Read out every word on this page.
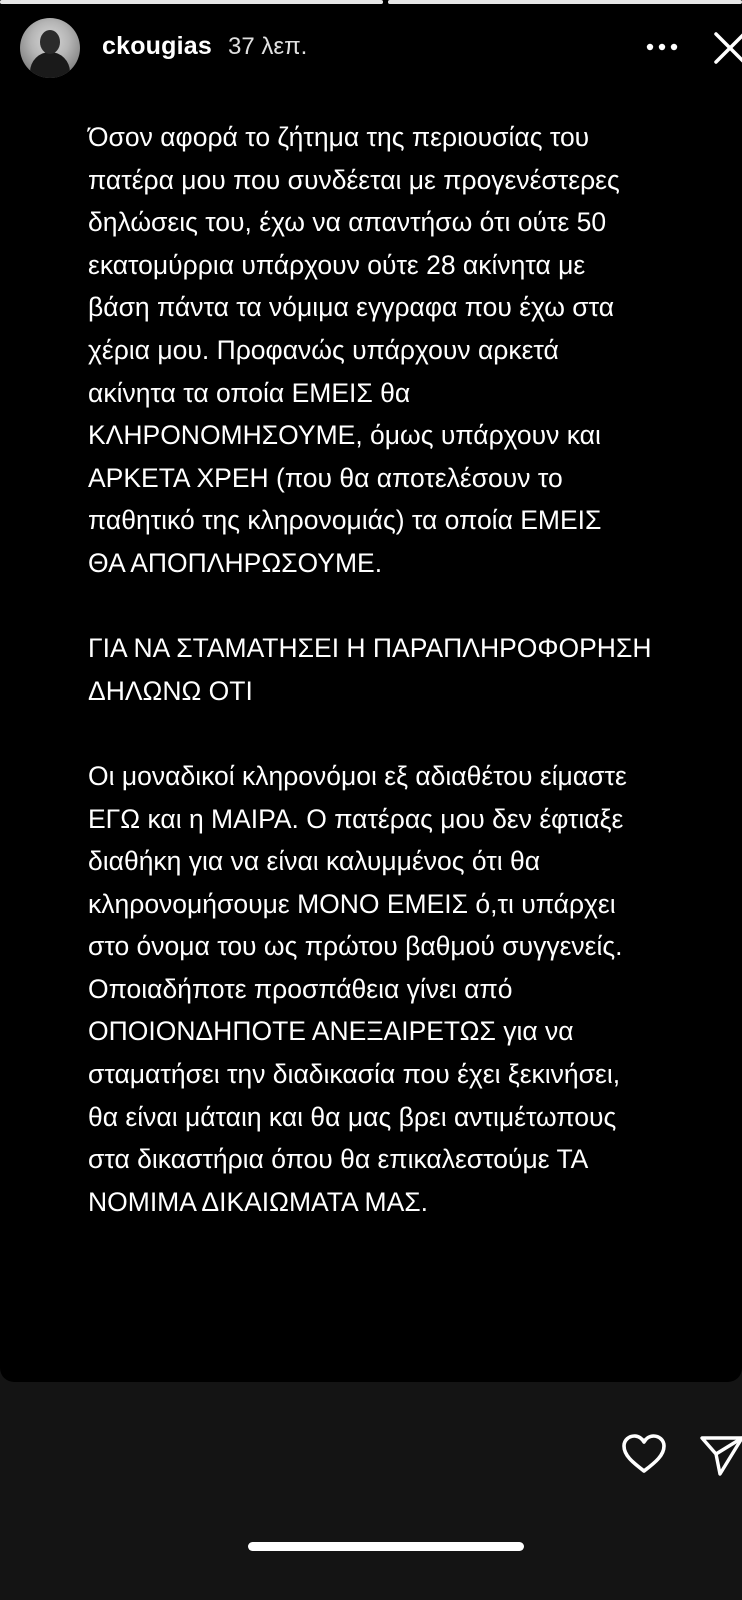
ckougias 37 λεπ.

Όσον αφορά το ζήτημα της περιουσίας του
πατέρα μου που συνδέεται με προγενέστερες
δηλώσεις του, έχω να απαντήσω ότι ούτε 50
εκατομύρρια υπάρχουν ούτε 28 ακίνητα με
βάση πάντα τα νόμιμα εγγραφα που έχω στα
χέρια μου. Προφανώς υπάρχουν αρκετά
ακίνητα τα οποία ΕΜΕΙΣ θα
ΚΛΗΡΟΝΟΜΗΣΟΥΜΕ, όμως υπάρχουν και
ΑΡΚΕΤΑ ΧΡΕΗ (που θα αποτελέσουν το
παθητικό της κληρονομιάς) τα οποία ΕΜΕΙΣ
ΘΑ ΑΠΟΠΛΗΡΩΣΟΥΜΕ.

ΓΙΑ ΝΑ ΣΤΑΜΑΤΗΣΕΙ Η ΠΑΡΑΠΛΗΡΟΦΟΡΗΣΗ
ΔΗΛΩΝΩ ΟΤΙ

Οι μοναδικοί κληρονόμοι εξ αδιαθέτου είμαστε
ΕΓΩ και η ΜΑΙΡΑ. Ο πατέρας μου δεν έφτιαξε
διαθήκη για να είναι καλυμμένος ότι θα
κληρονομήσουμε ΜΟΝΟ ΕΜΕΙΣ ό,τι υπάρχει
στο όνομα του ως πρώτου βαθμού συγγενείς.
Οποιαδήποτε προσπάθεια γίνει από
ΟΠΟΙΟΝΔΗΠΟΤΕ ΑΝΕΞΑΙΡΕΤΩΣ για να
σταματήσει την διαδικασία που έχει ξεκινήσει,
θα είναι μάταιη και θα μας βρει αντιμέτωπους
στα δικαστήρια όπου θα επικαλεστούμε ΤΑ
ΝΟΜΙΜΑ ΔΙΚΑΙΩΜΑΤΑ ΜΑΣ.
